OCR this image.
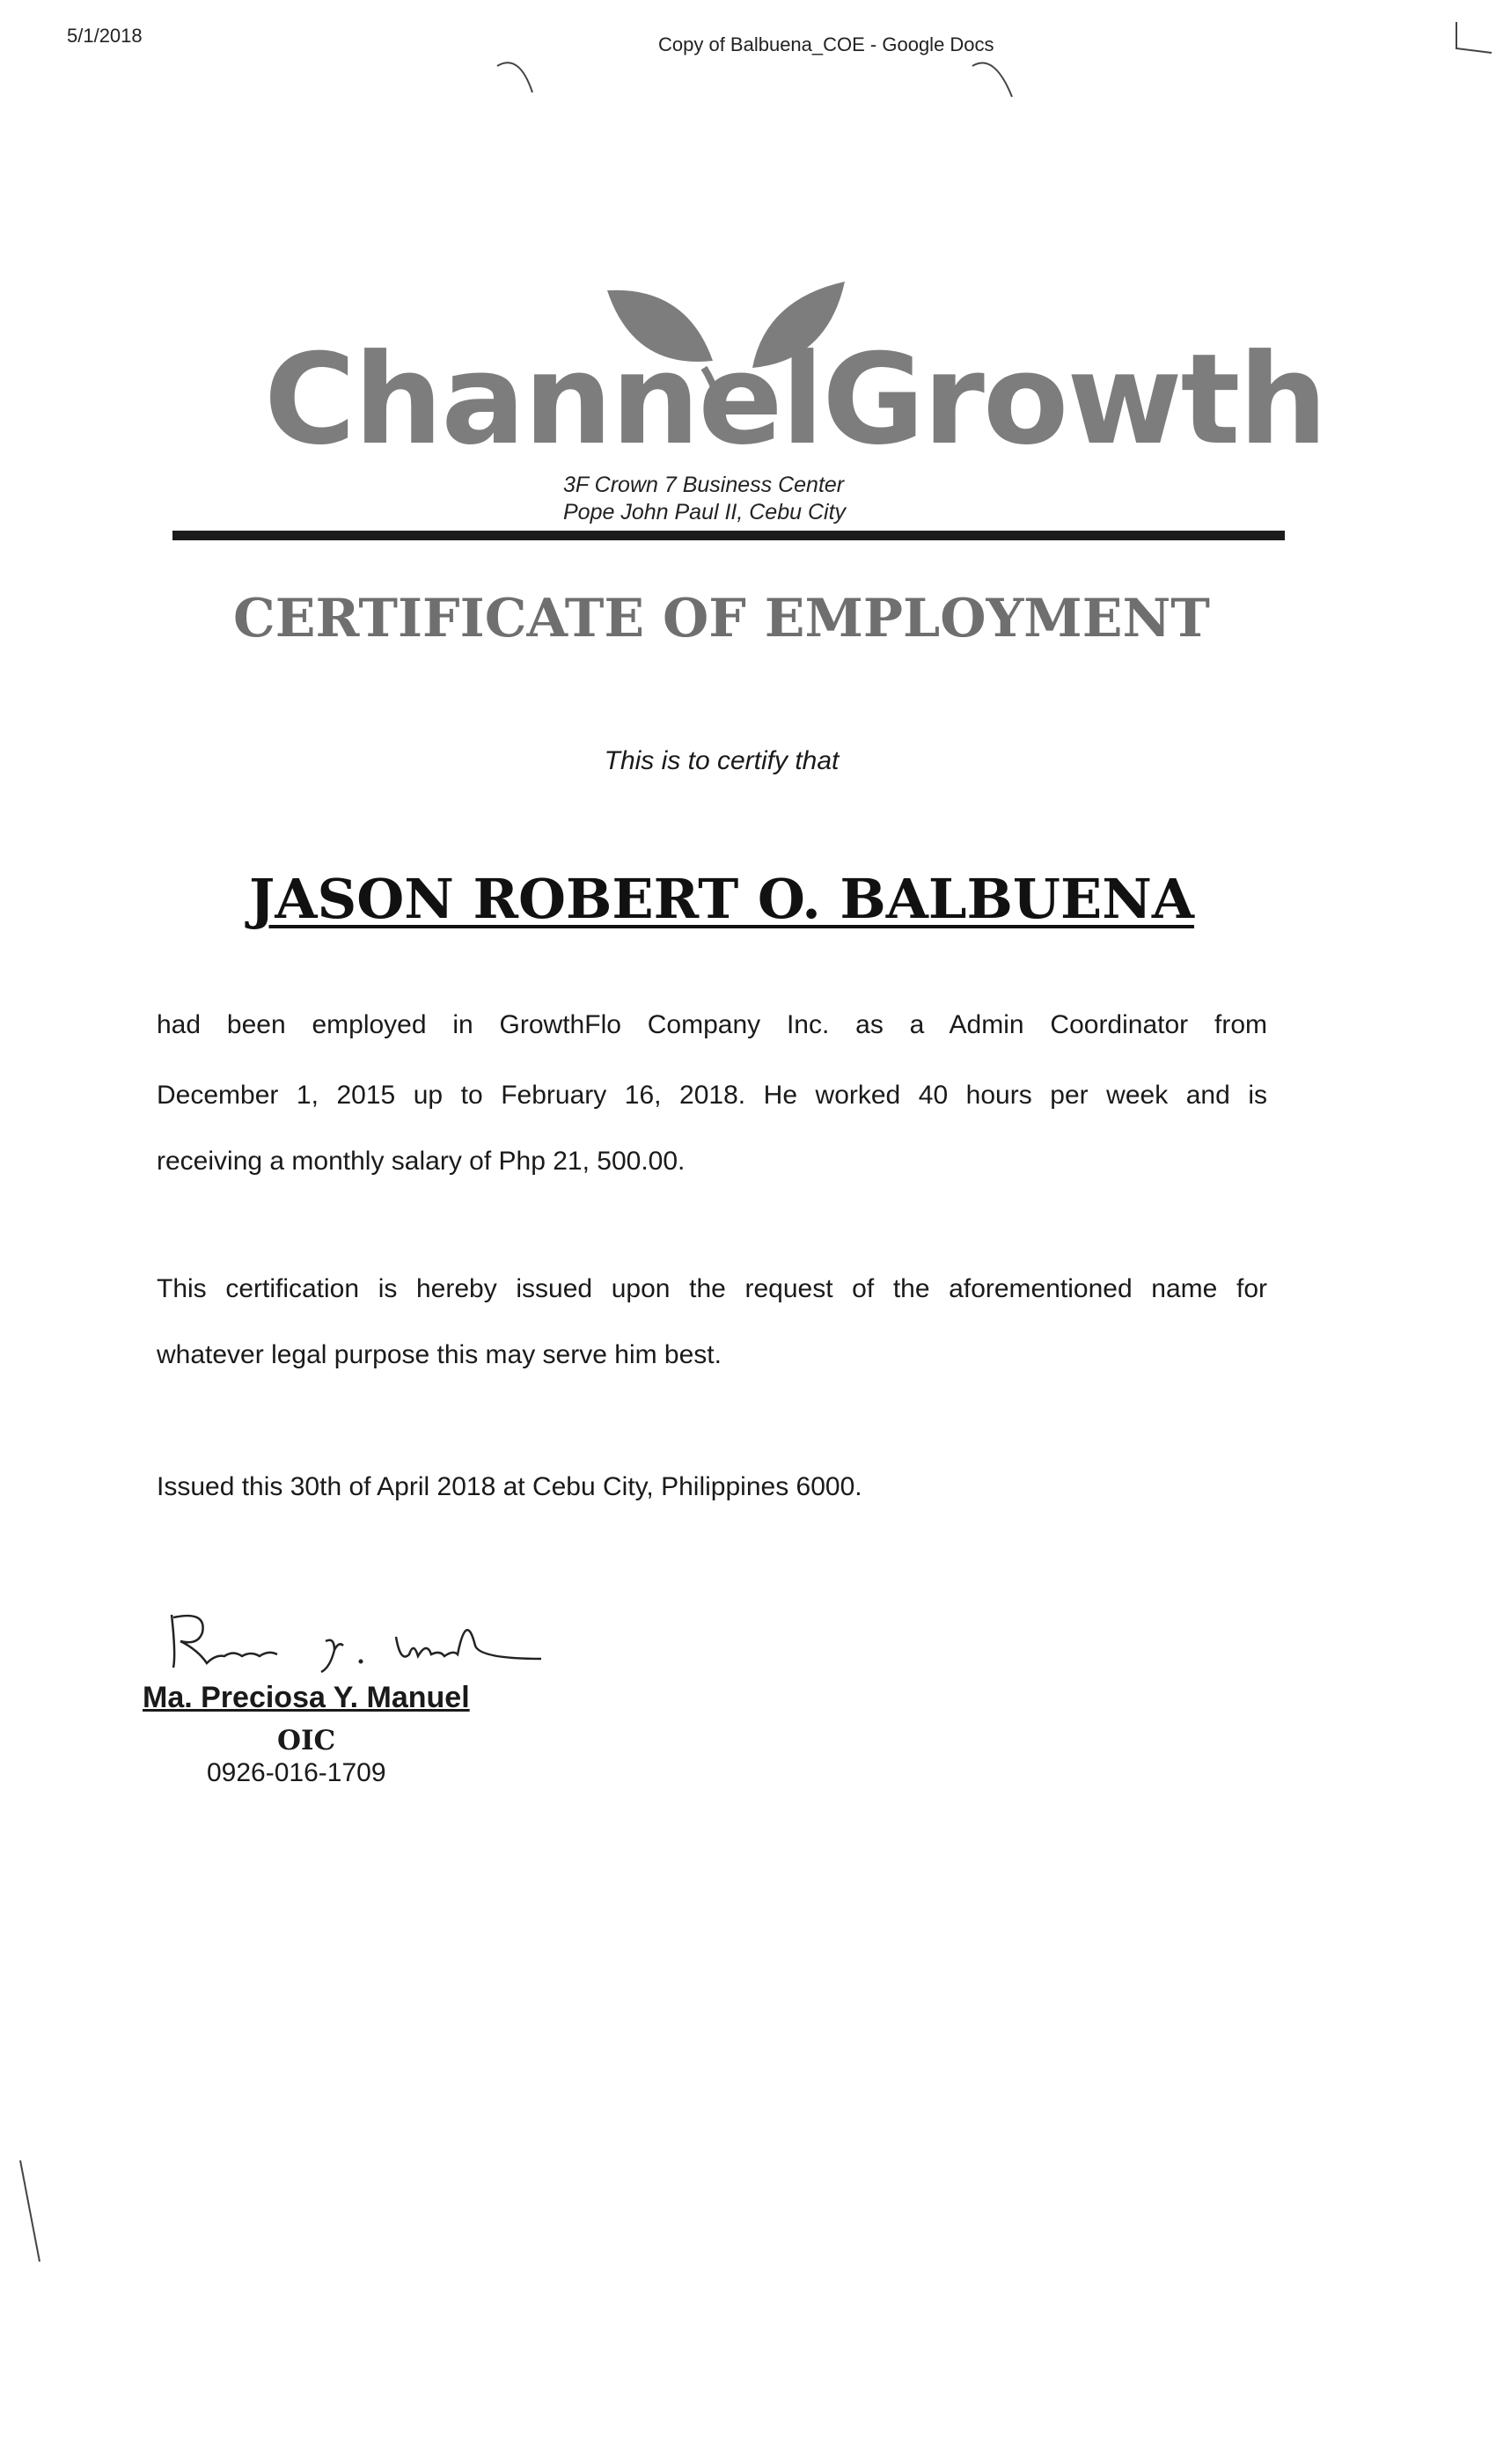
5/1/2018	Copy of Balbuena_COE - Google Docs
ChannelGrowth
3F Crown 7 Business Center
Pope John Paul II, Cebu City
CERTIFICATE OF EMPLOYMENT
This is to certify that
JASON ROBERT O. BALBUENA
had been employed in GrowthFlo Company Inc. as a Admin Coordinator from
December 1, 2015 up to February 16, 2018. He worked 40 hours per week and is
receiving a monthly salary of Php 21, 500.00.
This certification is hereby issued upon the request of the aforementioned name for
whatever legal purpose this may serve him best.
Issued this 30th of April 2018 at Cebu City, Philippines 6000.
Ma. Preciosa Y. Manuel
OIC
0926-016-1709
